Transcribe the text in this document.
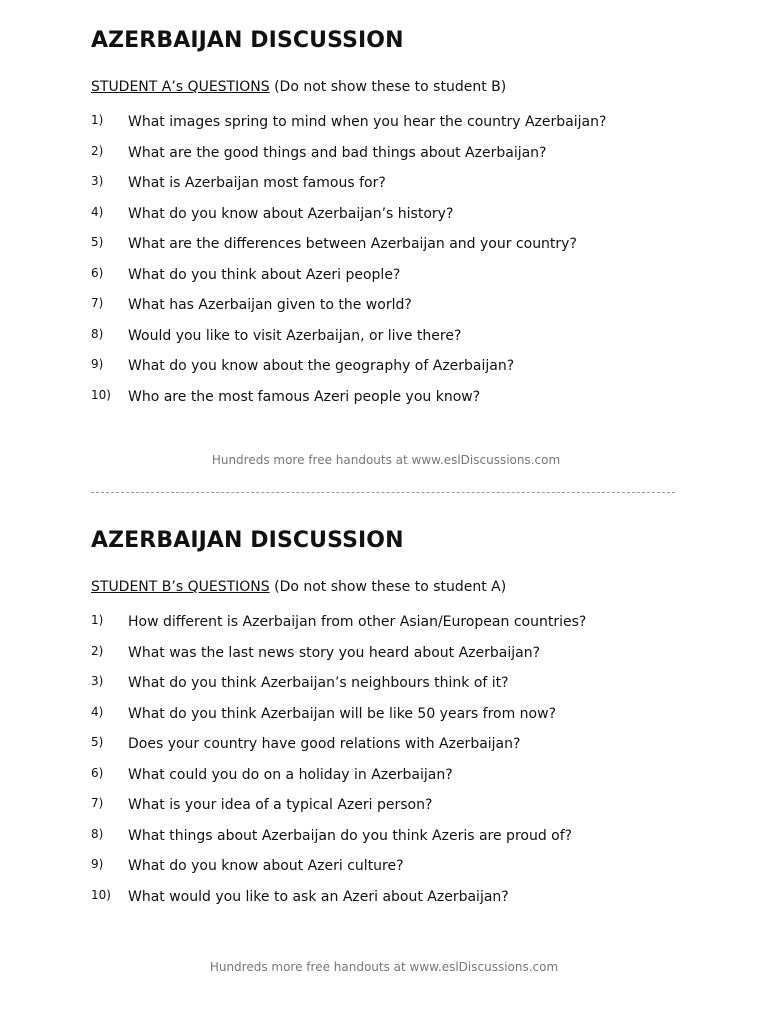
AZERBAIJAN DISCUSSION
STUDENT A’s QUESTIONS (Do not show these to student B)
1) What images spring to mind when you hear the country Azerbaijan?
2) What are the good things and bad things about Azerbaijan?
3) What is Azerbaijan most famous for?
4) What do you know about Azerbaijan’s history?
5) What are the differences between Azerbaijan and your country?
6) What do you think about Azeri people?
7) What has Azerbaijan given to the world?
8) Would you like to visit Azerbaijan, or live there?
9) What do you know about the geography of Azerbaijan?
10) Who are the most famous Azeri people you know?
Hundreds more free handouts at www.eslDiscussions.com
AZERBAIJAN DISCUSSION
STUDENT B’s QUESTIONS (Do not show these to student A)
1) How different is Azerbaijan from other Asian/European countries?
2) What was the last news story you heard about Azerbaijan?
3) What do you think Azerbaijan’s neighbours think of it?
4) What do you think Azerbaijan will be like 50 years from now?
5) Does your country have good relations with Azerbaijan?
6) What could you do on a holiday in Azerbaijan?
7) What is your idea of a typical Azeri person?
8) What things about Azerbaijan do you think Azeris are proud of?
9) What do you know about Azeri culture?
10) What would you like to ask an Azeri about Azerbaijan?
Hundreds more free handouts at www.eslDiscussions.com
